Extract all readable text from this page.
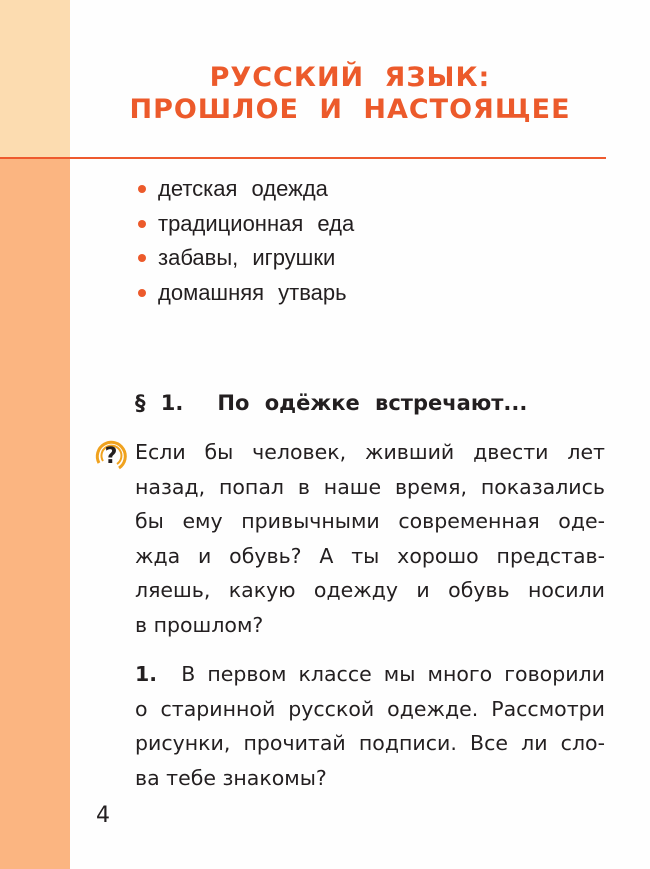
РУССКИЙ ЯЗЫК:
ПРОШЛОЕ И НАСТОЯЩЕЕ
детская одежда
традиционная еда
забавы, игрушки
домашняя утварь
§ 1. По одёжке встречают...
? Если бы человек, живший двести лет
назад, попал в наше время, показались
бы ему привычными современная оде-
жда и обувь? А ты хорошо представ-
ляешь, какую одежду и обувь носили
в прошлом?
1. В первом классе мы много говорили
о старинной русской одежде. Рассмотри
рисунки, прочитай подписи. Все ли сло-
ва тебе знакомы?
4
